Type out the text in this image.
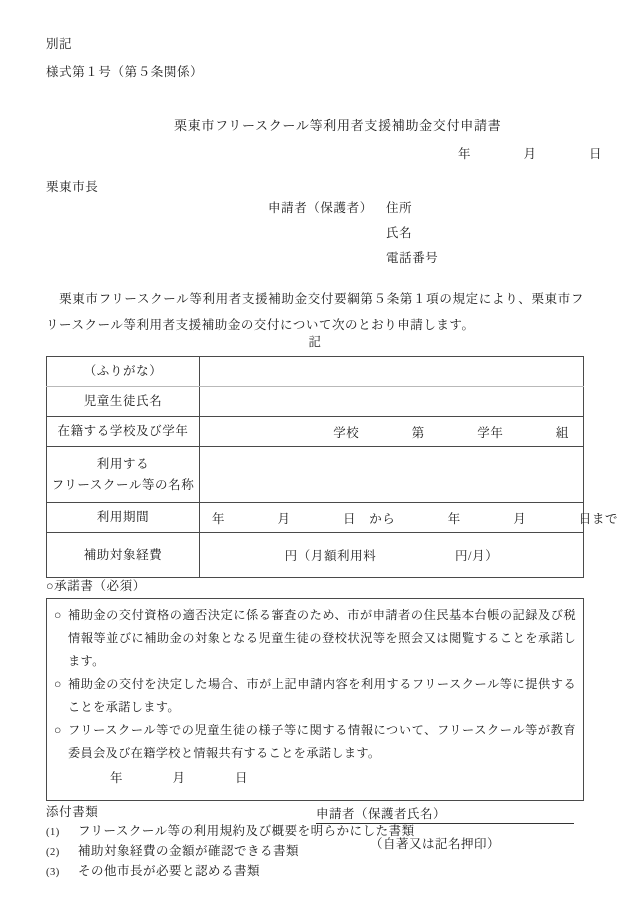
別記
様式第１号（第５条関係）
栗東市フリースクール等利用者支援補助金交付申請書
年　　　　月　　　　日
栗東市長
申請者（保護者） 住所
氏名
電話番号
栗東市フリースクール等利用者支援補助金交付要綱第５条第１項の規定により、栗東市フリースクール等利用者支援補助金の交付について次のとおり申請します。
記
（ふりがな）	
児童生徒氏名	
在籍する学校及び学年	学校　　　　第　　　　学年　　　　組

利用する
フリースクール等の名称	

利用期間	年　　　　月　　　　日　から　　　　年　　　　月　　　　日まで
補助対象経費	円（月額利用料　　　　　　円/月）
○承諾書（必須）
○ 補助金の交付資格の適否決定に係る審査のため、市が申請者の住民基本台帳の記録及び税情報等並びに補助金の対象となる児童生徒の登校状況等を照会又は閲覧することを承諾します。
○ 補助金の交付を決定した場合、市が上記申請内容を利用するフリースクール等に提供することを承諾します。
○ フリースクール等での児童生徒の様子等に関する情報について、フリースクール等が教育委員会及び在籍学校と情報共有することを承諾します。
年　　　　月　　　　日
申請者（保護者氏名）
（自著又は記名押印）
添付書類
(1) フリースクール等の利用規約及び概要を明らかにした書類
(2) 補助対象経費の金額が確認できる書類
(3) その他市長が必要と認める書類
